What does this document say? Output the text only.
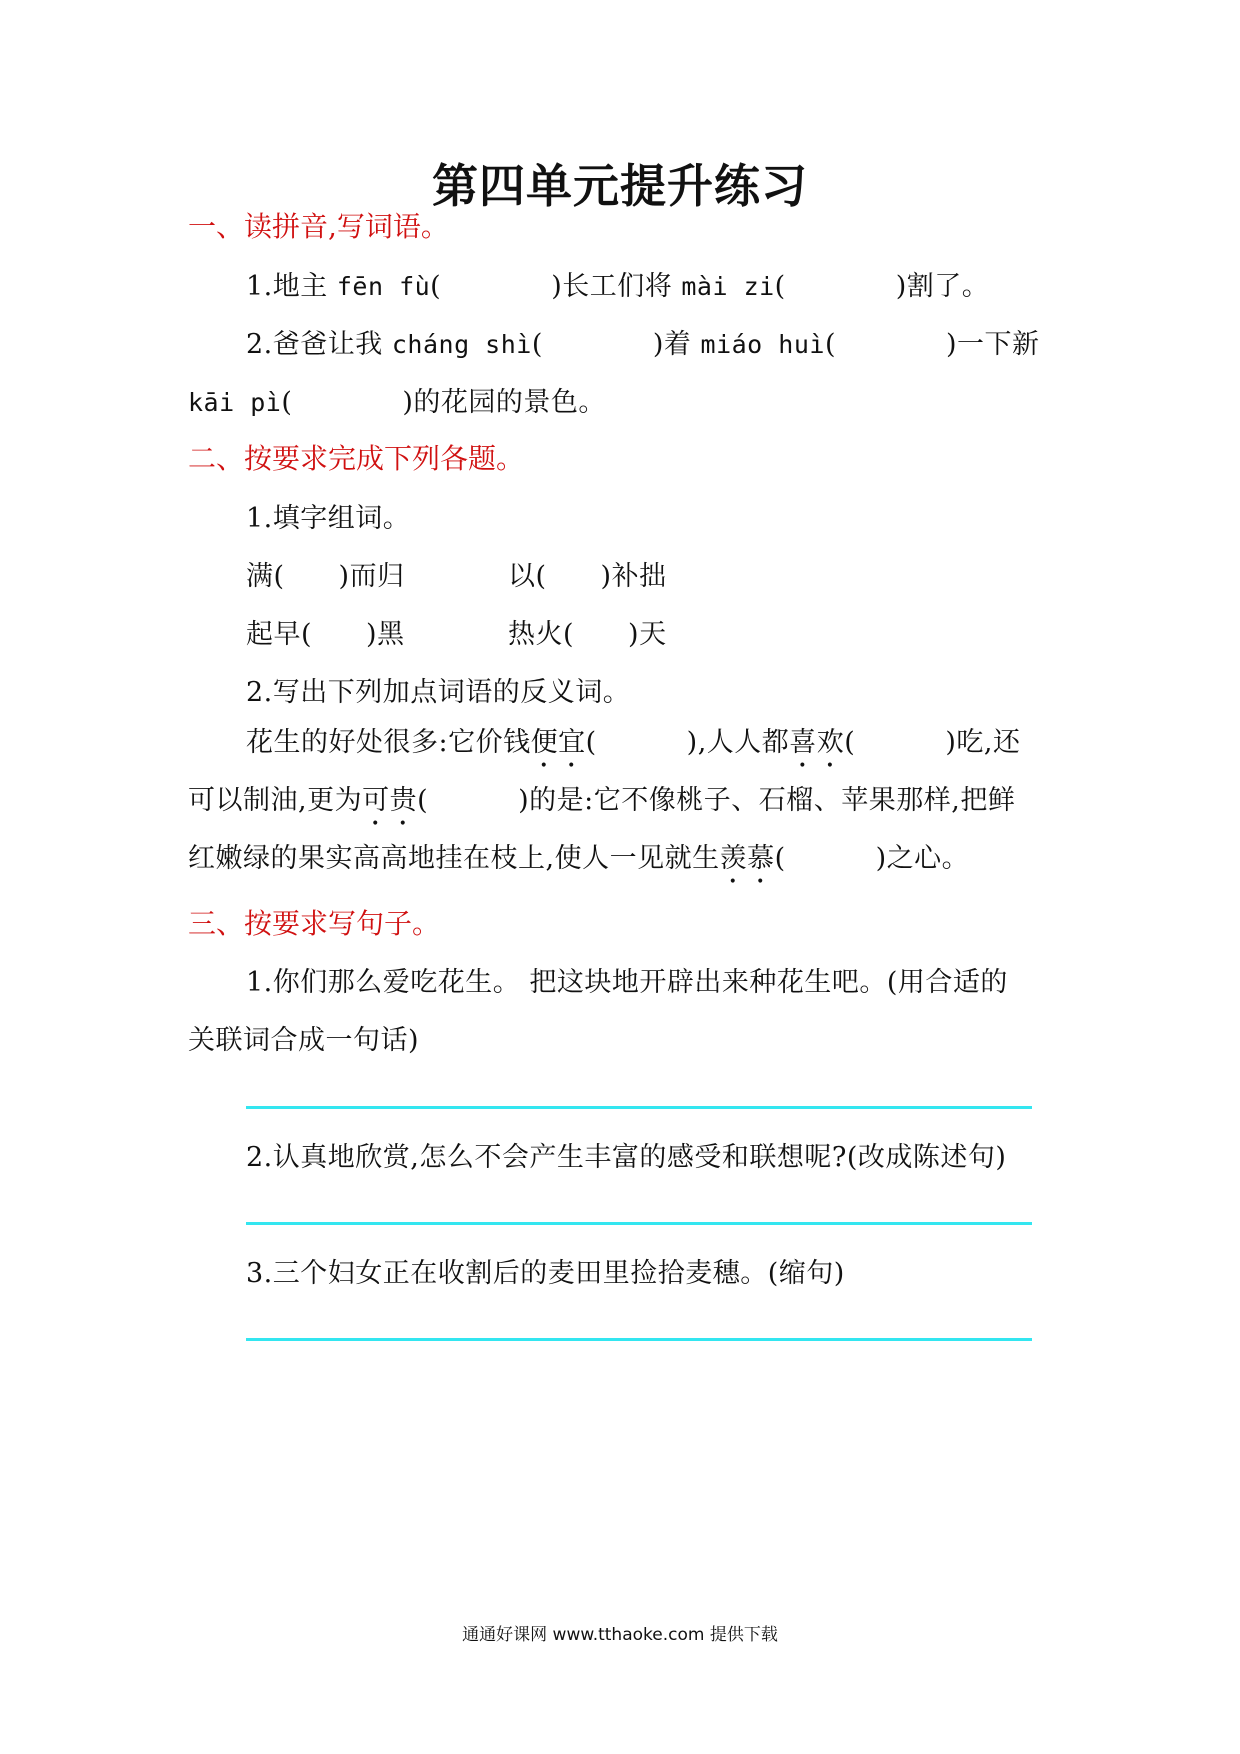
第四单元提升练习
一、读拼音,写词语。
1.地主 fēn fù(	)长工们将 mài zi(	)割了。
2.爸爸让我 cháng shì(	)着 miáo huì(	)一下新
kāi pì(	)的花园的景色。
二、按要求完成下列各题。
1.填字组词。
满( )而归	以( )补拙
起早( )黑	热火( )天
2.写出下列加点词语的反义词。
花生的好处很多:它价钱便宜(	),人人都喜欢(	)吃,还
可以制油,更为可贵(	)的是:它不像桃子、石榴、苹果那样,把鲜
红嫩绿的果实高高地挂在枝上,使人一见就生羡慕(	)之心。
三、按要求写句子。
1.你们那么爱吃花生。 把这块地开辟出来种花生吧。(用合适的
关联词合成一句话)
2.认真地欣赏,怎么不会产生丰富的感受和联想呢?(改成陈述句)
3.三个妇女正在收割后的麦田里捡拾麦穗。(缩句)
通通好课网 www.tthaoke.com 提供下载
